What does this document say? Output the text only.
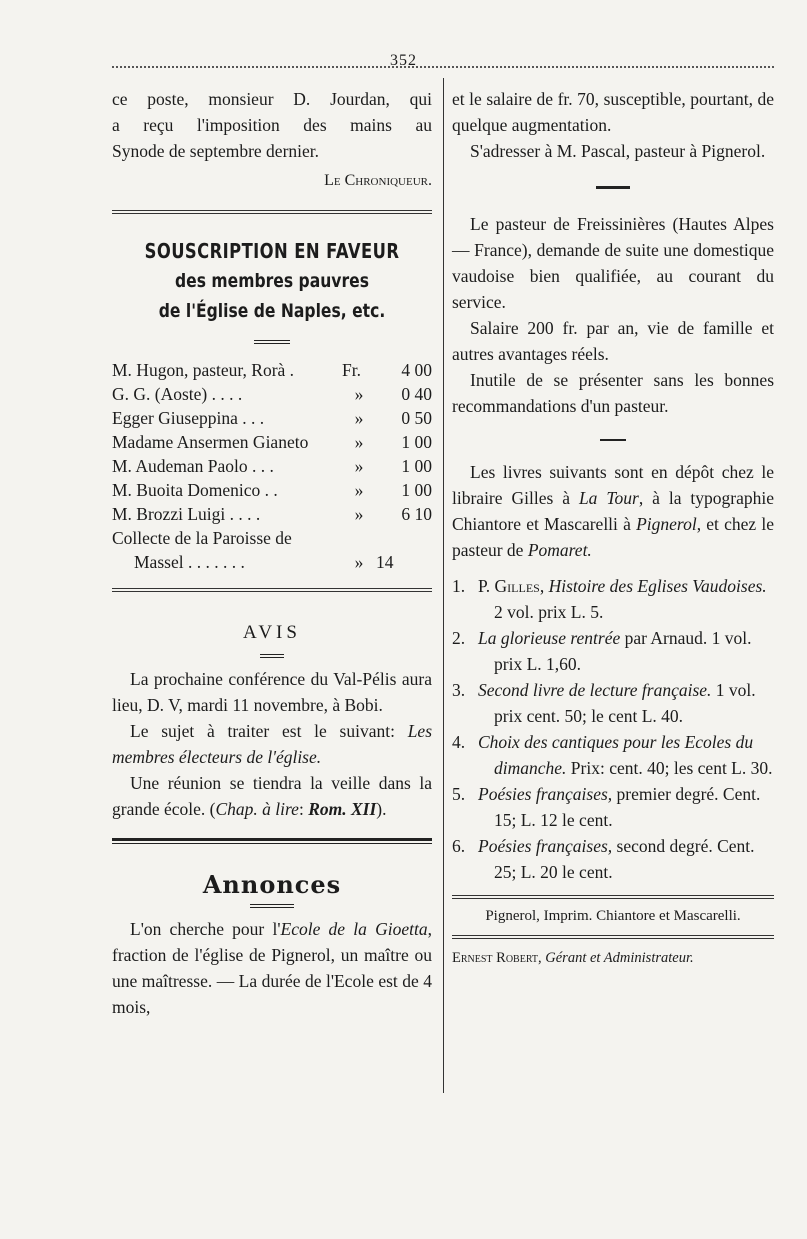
352

ce poste, monsieur D. Jourdan, qui

a reçu l'imposition des mains au

Synode de septembre dernier.

Le Chroniqueur.

SOUSCRIPTION EN FAVEUR
des membres pauvres
de l'Église de Naples, etc.
M. Hugon, pasteur, Rorà .	Fr.	4 00
G. G. (Aoste) . . . .	»	0 40
Egger Giuseppina . . .	»	0 50
Madame Ansermen Gianeto	»	1 00
M. Audeman Paolo . . .	»	1 00
M. Buoita Domenico . .	»	1 00
M. Brozzi Luigi . . . .	»	6 10
Collecte de la Paroisse de		
Massel . . . . . . .	»	14
AVIS

La prochaine conférence du Val-Pélis aura lieu, D. V, mardi 11 novembre, à Bobi.

Le sujet à traiter est le suivant: Les membres électeurs de l'église.

Une réunion se tiendra la veille dans la grande école. (Chap. à lire: Rom. XII).

Annonces

L'on cherche pour l'Ecole de la Gioetta, fraction de l'église de Pignerol, un maître ou une maîtresse. — La durée de l'Ecole est de 4 mois,

et le salaire de fr. 70, susceptible, pourtant, de quelque augmentation.

S'adresser à M. Pascal, pasteur à Pignerol.

Le pasteur de Freissinières (Hautes Alpes — France), demande de suite une domestique vaudoise bien qualifiée, au courant du service.

Salaire 200 fr. par an, vie de famille et autres avantages réels.

Inutile de se présenter sans les bonnes recommandations d'un pasteur.

Les livres suivants sont en dépôt chez le libraire Gilles à La Tour, à la typographie Chiantore et Mascarelli à Pignerol, et chez le pasteur de Pomaret.

1. P. Gilles, Histoire des Eglises Vaudoises. 2 vol. prix L. 5.

2. La glorieuse rentrée par Arnaud. 1 vol. prix L. 1,60.

3. Second livre de lecture française. 1 vol. prix cent. 50; le cent L. 40.

4. Choix des cantiques pour les Ecoles du dimanche. Prix: cent. 40; les cent L. 30.

5. Poésies françaises, premier degré. Cent. 15; L. 12 le cent.

6. Poésies françaises, second degré. Cent. 25; L. 20 le cent.

Pignerol, Imprim. Chiantore et Mascarelli.

Ernest Robert, Gérant et Administrateur.
